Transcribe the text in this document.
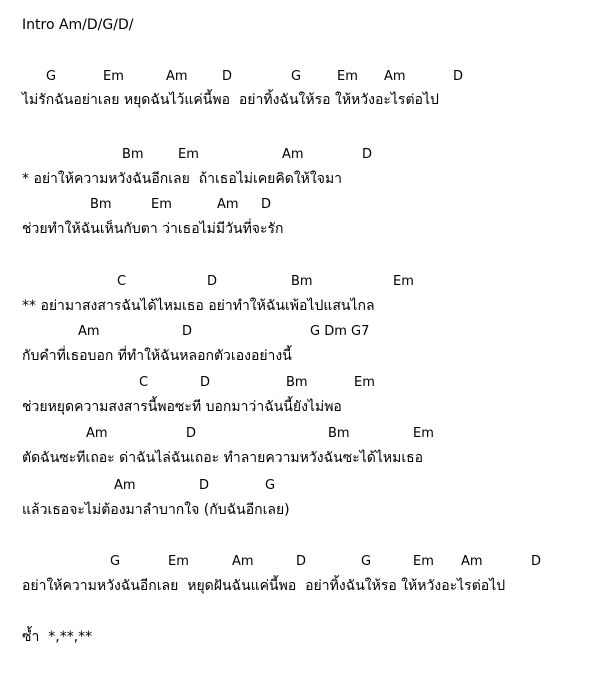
Intro Am/D/G/D/
G	Em	Am	D	G	Em Am	D
ไม่รักฉันอย่าเลย หยุดฉันไว้แค่นี้พอ  อย่าทิ้งฉันให้รอ ให้หวังอะไรต่อไป
Bm	Em	Am	D
* อย่าให้ความหวังฉันอีกเลย  ถ้าเธอไม่เคยคิดให้ใจมา
Bm	Em	Am D
ช่วยทำให้ฉันเห็นกับตา ว่าเธอไม่มีวันที่จะรัก
C	D	Bm	Em
** อย่ามาสงสารฉันได้ไหมเธอ อย่าทำให้ฉันเพ้อไปแสนไกล
Am	D	G Dm G7
กับคำที่เธอบอก ที่ทำให้ฉันหลอกตัวเองอย่างนี้
C	D	Bm	Em
ช่วยหยุดความสงสารนี้พอซะที บอกมาว่าฉันนี้ยังไม่พอ
Am	D	Bm	Em
ตัดฉันซะทีเถอะ ด่าฉันไล่ฉันเถอะ ทำลายความหวังฉันซะได้ไหมเธอ
Am	D	G
แล้วเธอจะไม่ต้องมาลำบากใจ (กับฉันอีกเลย)
G	Em	Am	D	G	Em Am	D
อย่าให้ความหวังฉันอีกเลย  หยุดฝันฉันแค่นี้พอ  อย่าทิ้งฉันให้รอ ให้หวังอะไรต่อไป
ซ้ำ  *,**,**
